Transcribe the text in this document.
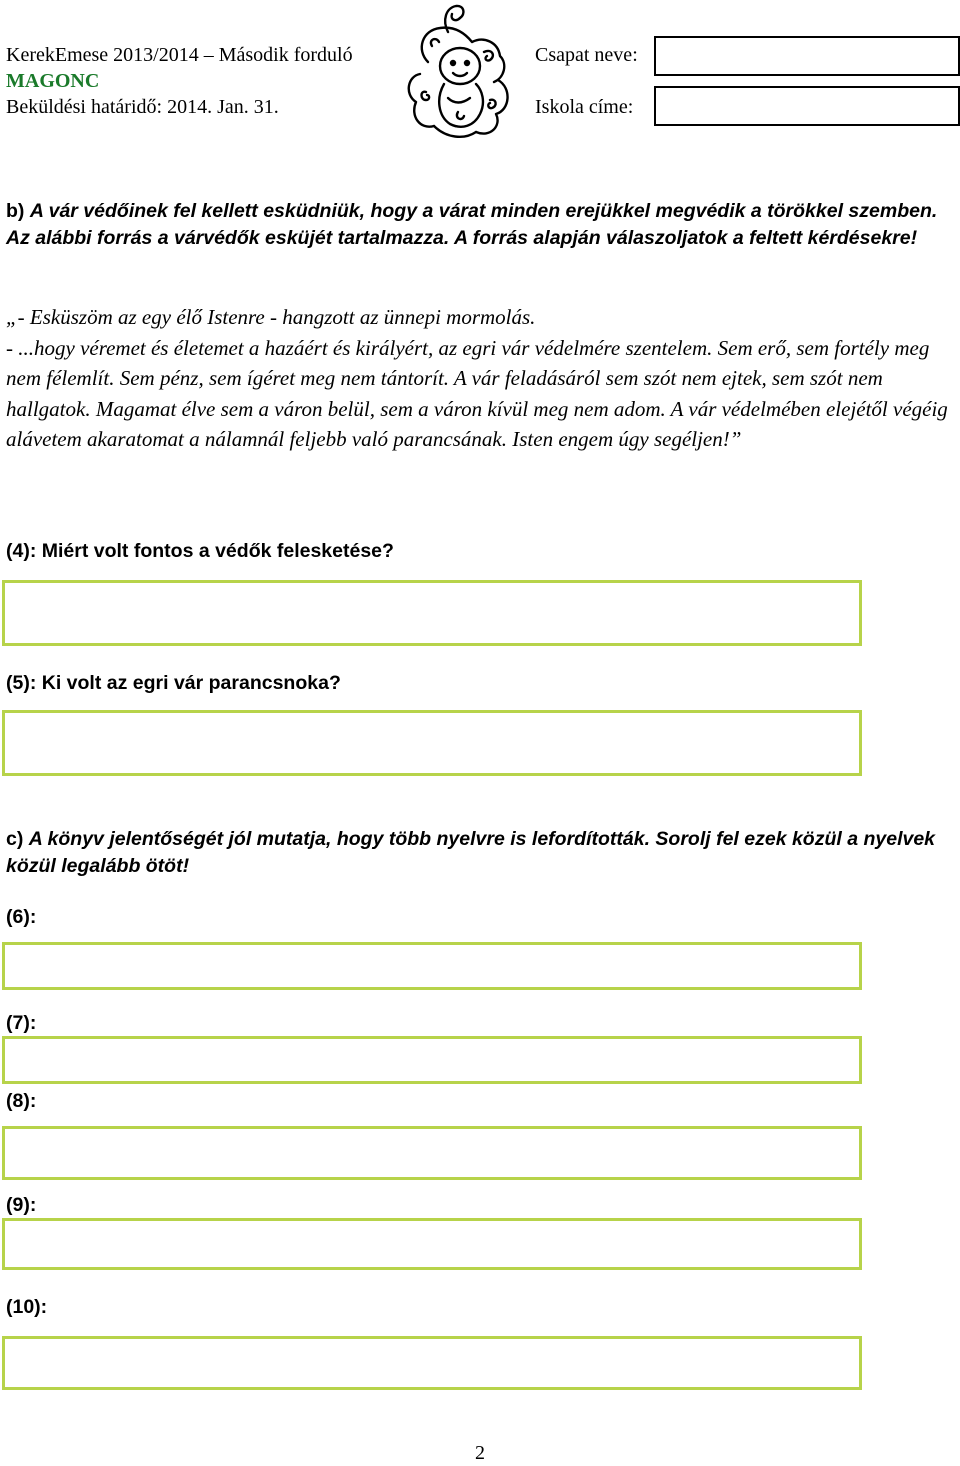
KerekEmese 2013/2014 – Második forduló
MAGONC
Beküldési határidő: 2014. Jan. 31.
Csapat neve:
Iskola címe:
b) A vár védőinek fel kellett esküdniük, hogy a várat minden erejükkel megvédik a törökkel szemben. Az alábbi forrás a várvédők esküjét tartalmazza. A forrás alapján válaszoljatok a feltett kérdésekre!

„- Esküszöm az egy élő Istenre - hangzott az ünnepi mormolás.

- ...hogy véremet és életemet a hazáért és királyért, az egri vár védelmére szentelem. Sem erő, sem fortély meg nem félemlít. Sem pénz, sem ígéret meg nem tántorít. A vár feladásáról sem szót nem ejtek, sem szót nem hallgatok. Magamat élve sem a váron belül, sem a váron kívül meg nem adom. A vár védelmében elejétől végéig alávetem akaratomat a nálamnál feljebb való parancsának. Isten engem úgy segéljen!”

(4): Miért volt fontos a védők felesketése?
(5): Ki volt az egri vár parancsnoka?
c) A könyv jelentőségét jól mutatja, hogy több nyelvre is lefordították. Sorolj fel ezek közül a nyelvek közül legalább ötöt!
(6):
(7):
(8):
(9):
(10):
2
